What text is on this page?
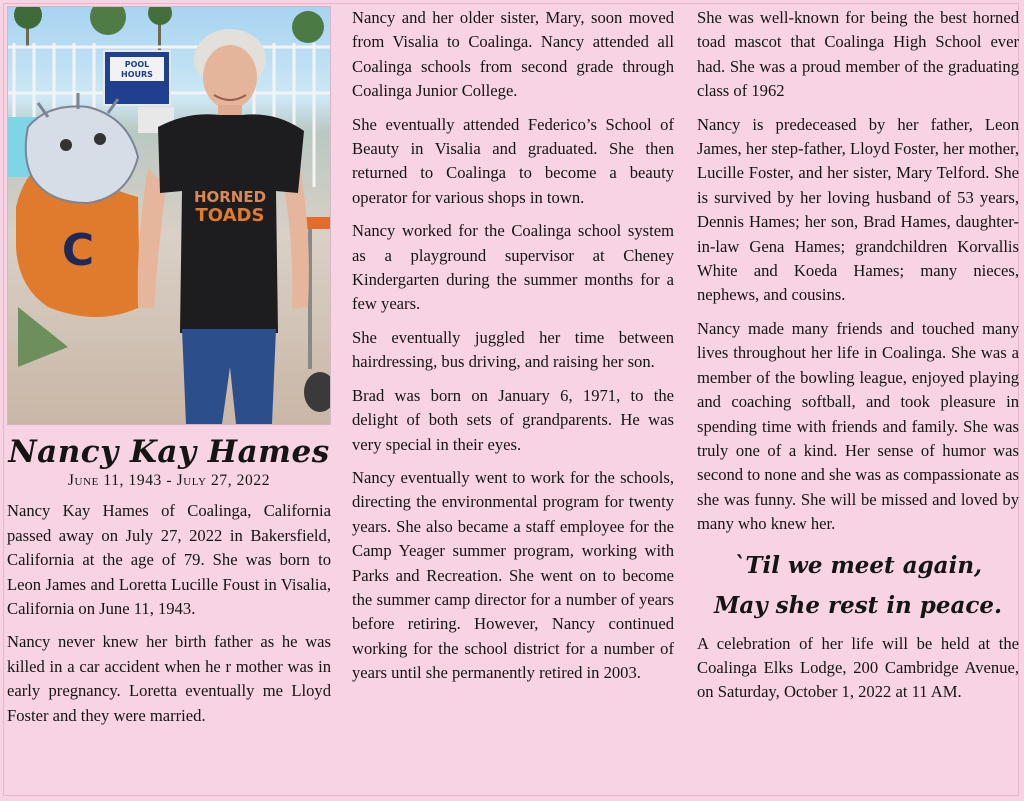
POOL
HOURS
C
HORNED
TOADS
Nancy Kay Hames
June 11, 1943 - July 27, 2022

Nancy Kay Hames of Coalinga, California passed away on July 27, 2022 in Bakersfield, California at the age of 79. She was born to Leon James and Loretta Lucille Foust in Visalia, California on June 11, 1943.

Nancy never knew her birth father as he was killed in a car accident when he r mother was in early pregnancy. Loretta eventually me Lloyd Foster and they were married.

Nancy and her older sister, Mary, soon moved from Visalia to Coalinga. Nancy attended all Coalinga schools from second grade through Coalinga Junior College.

She eventually attended Federico’s School of Beauty in Visalia and graduated. She then returned to Coalinga to become a beauty operator for various shops in town.

Nancy worked for the Coalinga school system as a playground supervisor at Cheney Kindergarten during the summer months for a few years.

She eventually juggled her time between hairdressing, bus driving, and raising her son.

Brad was born on January 6, 1971, to the delight of both sets of grandparents. He was very special in their eyes.

Nancy eventually went to work for the schools, directing the environmental program for twenty years. She also became a staff employee for the Camp Yeager summer program, working with Parks and Recreation. She went on to become the summer camp director for a number of years before retiring. However, Nancy continued working for the school district for a number of years until she permanently retired in 2003.

She was well-known for being the best horned toad mascot that Coalinga High School ever had. She was a proud member of the graduating class of 1962

Nancy is predeceased by her father, Leon James, her step-father, Lloyd Foster, her mother, Lucille Foster, and her sister, Mary Telford. She is survived by her loving husband of 53 years, Dennis Hames; her son, Brad Hames, daughter-in-law Gena Hames; grandchildren Korvallis White and Koeda Hames; many nieces, nephews, and cousins.

Nancy made many friends and touched many lives throughout her life in Coalinga. She was a member of the bowling league, enjoyed playing and coaching softball, and took pleasure in spending time with friends and family. She was truly one of a kind. Her sense of humor was second to none and she was as compassionate as she was funny. She will be missed and loved by many who knew her.

`Til we meet again,
May she rest in peace.

A celebration of her life will be held at the Coalinga Elks Lodge, 200 Cambridge Avenue, on Saturday, October 1, 2022 at 11 AM.
